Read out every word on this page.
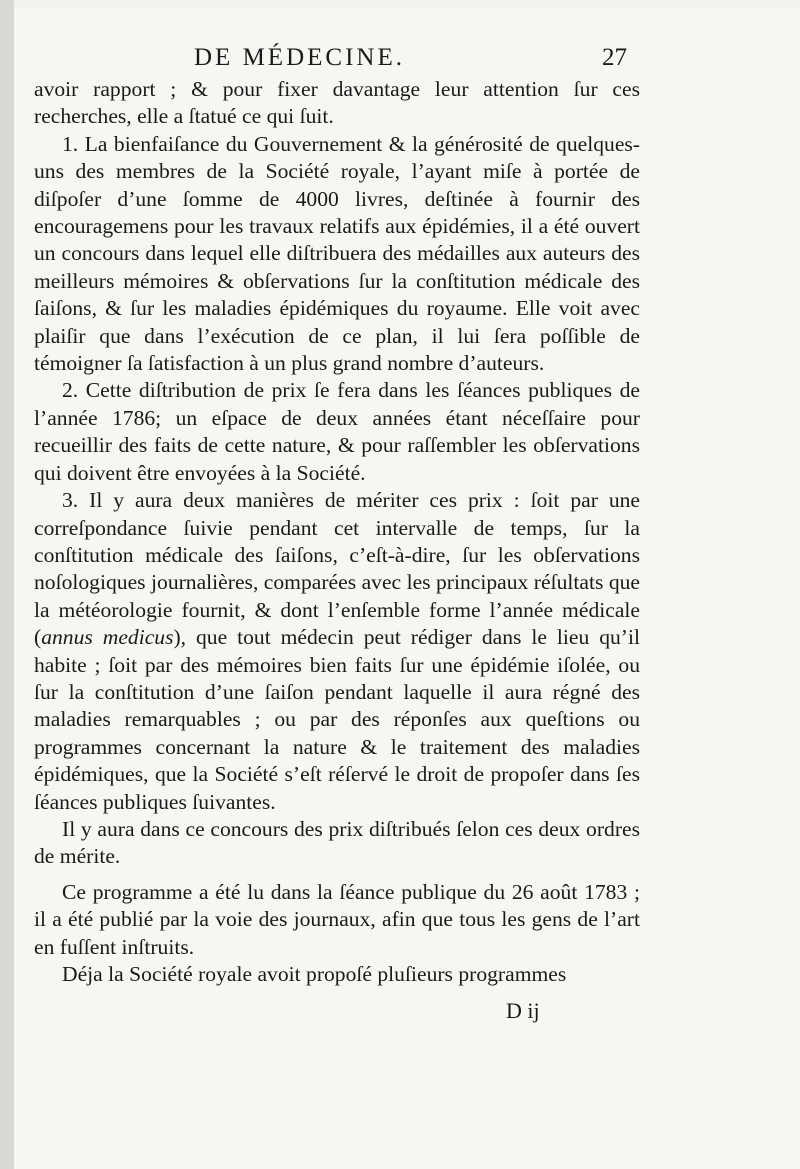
DE MÉDECINE.	27

avoir rapport ; & pour fixer davantage leur attention ſur ces recherches, elle a ſtatué ce qui ſuit.

1. La bienfaiſance du Gouvernement & la générosité de quelques-uns des membres de la Société royale, l’ayant miſe à portée de diſpoſer d’une ſomme de 4000 livres, deſtinée à fournir des encouragemens pour les travaux relatifs aux épidémies, il a été ouvert un concours dans lequel elle diſtribuera des médailles aux auteurs des meilleurs mémoires & obſervations ſur la conſtitution médicale des ſaiſons, & ſur les maladies épidémiques du royaume. Elle voit avec plaiſir que dans l’exécution de ce plan, il lui ſera poſſible de témoigner ſa ſatisfaction à un plus grand nombre d’auteurs.

2. Cette diſtribution de prix ſe fera dans les ſéances publiques de l’année 1786; un eſpace de deux années étant néceſſaire pour recueillir des faits de cette nature, & pour raſſembler les obſervations qui doivent être envoyées à la Société.

3. Il y aura deux manières de mériter ces prix : ſoit par une correſpondance ſuivie pendant cet intervalle de temps, ſur la conſtitution médicale des ſaiſons, c’eſt-à-dire, ſur les obſervations noſologiques journalières, comparées avec les principaux réſultats que la météorologie fournit, & dont l’enſemble forme l’année médicale (annus medicus), que tout médecin peut rédiger dans le lieu qu’il habite ; ſoit par des mémoires bien faits ſur une épidémie iſolée, ou ſur la conſtitution d’une ſaiſon pendant laquelle il aura régné des maladies remarquables ; ou par des réponſes aux queſtions ou programmes concernant la nature & le traitement des maladies épidémiques, que la Société s’eſt réſervé le droit de propoſer dans ſes ſéances publiques ſuivantes.

Il y aura dans ce concours des prix diſtribués ſelon ces deux ordres de mérite.

Ce programme a été lu dans la ſéance publique du 26 août 1783 ; il a été publié par la voie des journaux, afin que tous les gens de l’art en fuſſent inſtruits.

Déja la Société royale avoit propoſé pluſieurs programmes

D ij
